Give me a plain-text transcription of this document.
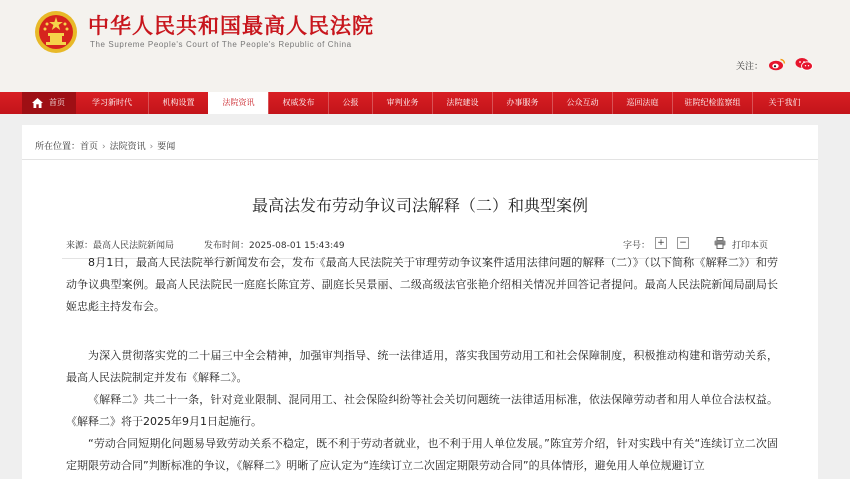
中华人民共和国最高人民法院
The Supreme People's Court of The People's Republic of China
关注：
首页	学习新时代	机构设置	法院资讯	权威发布	公报	审判业务	法院建设	办事服务	公众互动	巡回法庭	驻院纪检监察组	关于我们
所在位置：首页 › 法院资讯 › 要闻
最高法发布劳动争议司法解释（二）和典型案例
来源：最高人民法院新闻局	发布时间：2025-08-01 15:43:49	字号： + −	打印本页
8月1日，最高人民法院举行新闻发布会，发布《最高人民法院关于审理劳动争议案件适用法律问题的解释（二）》（以下简称《解释二》）和劳动争议典型案例。最高人民法院民一庭庭长陈宜芳、副庭长吴景丽、二级高级法官张艳介绍相关情况并回答记者提问。最高人民法院新闻局副局长姬忠彪主持发布会。
为深入贯彻落实党的二十届三中全会精神，加强审判指导、统一法律适用，落实我国劳动用工和社会保障制度，积极推动构建和谐劳动关系，最高人民法院制定并发布《解释二》。
《解释二》共二十一条，针对竞业限制、混同用工、社会保险纠纷等社会关切问题统一法律适用标准，依法保障劳动者和用人单位合法权益。《解释二》将于2025年9月1日起施行。
“劳动合同短期化问题易导致劳动关系不稳定，既不利于劳动者就业，也不利于用人单位发展。”陈宜芳介绍，针对实践中有关“连续订立二次固定期限劳动合同”判断标准的争议，《解释二》明晰了应认定为“连续订立二次固定期限劳动合同”的具体情形，避免用人单位规避订立
